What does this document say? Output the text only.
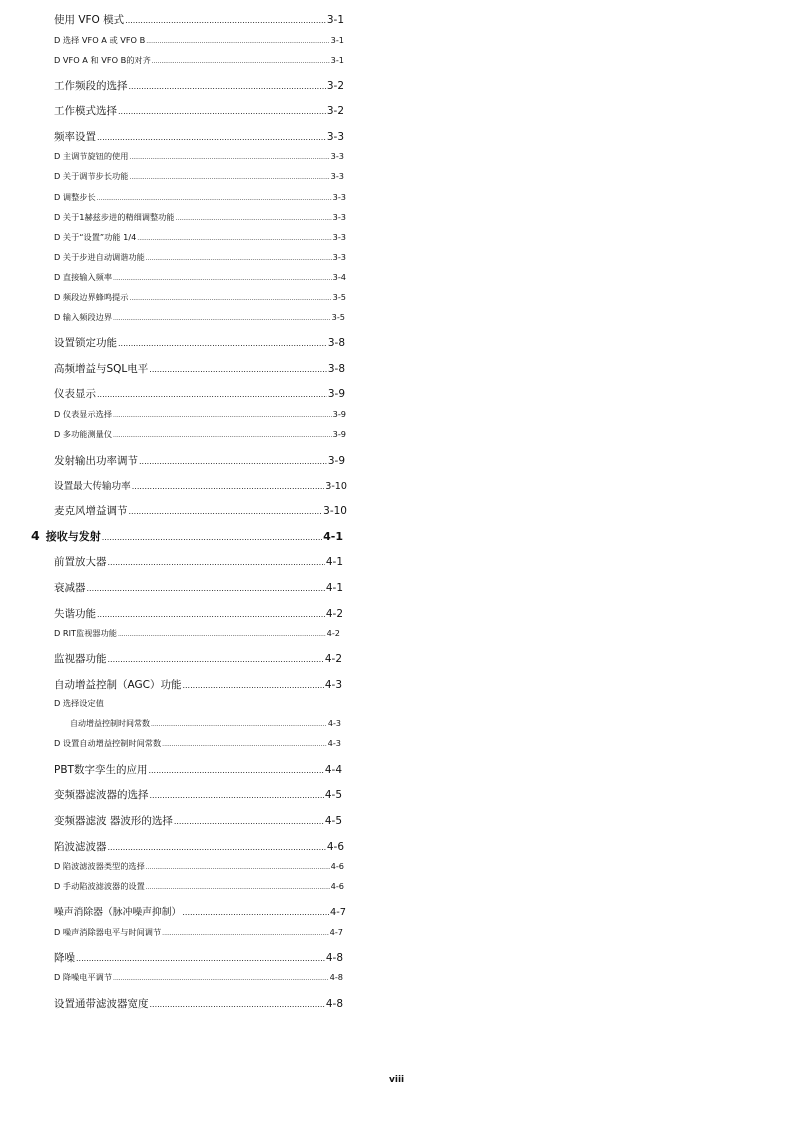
使用 VFO 模式 .....	3-1
D 选择 VFO A 或 VFO B .....	3-1
D VFO A 和 VFO B的对齐 .....	3-1
工作频段的选择 .....	3-2
工作模式选择 .....	3-2
频率设置 .....	3-3
D 主调节旋钮的使用 .....	3-3
D 关于调节步长功能 .....	3-3
D 调整步长 .....	3-3
D 关于1赫兹步进的精细调整功能 .....	3-3
D 关于“设置”功能 1/4 .....	3-3
D 关于步进自动调谐功能 .....	3-3
D 直接输入频率 .....	3-4
D 频段边界蜂鸣提示 .....	3-5
D 输入频段边界 .....	3-5
设置锁定功能 .....	3-8
高频增益与SQL电平 .....	3-8
仪表显示 .....	3-9
D 仪表显示选择 .....	3-9
D 多功能测量仪 .....	3-9
发射输出功率调节 .....	3-9
设置最大传输功率 .....	3-10
麦克风增益调节 .....	3-10
4 接收与发射 .....	4-1
前置放大器 .....	4-1
衰减器 .....	4-1
失谐功能 .....	4-2
D RIT监视器功能 .....	4-2
监视器功能 .....	4-2
自动增益控制（AGC）功能 .....	4-3
D 选择设定值
自动增益控制时间常数 .....	4-3
D 设置自动增益控制时间常数 .....	4-3
PBT数字孪生的应用 .....	4-4
变频器滤波器的选择 .....	4-5
变频器滤波 器波形的选择 .....	4-5
陷波滤波器 .....	4-6
D 陷波滤波器类型的选择 .....	4-6
D 手动陷波滤波器的设置 .....	4-6
噪声消除器（脉冲噪声抑制） .....	4-7
D 噪声消除器电平与时间调节 .....	4-7
降噪 .....	4-8
D 降噪电平调节 .....	4-8
设置通带滤波器宽度 .....	4-8
viii
